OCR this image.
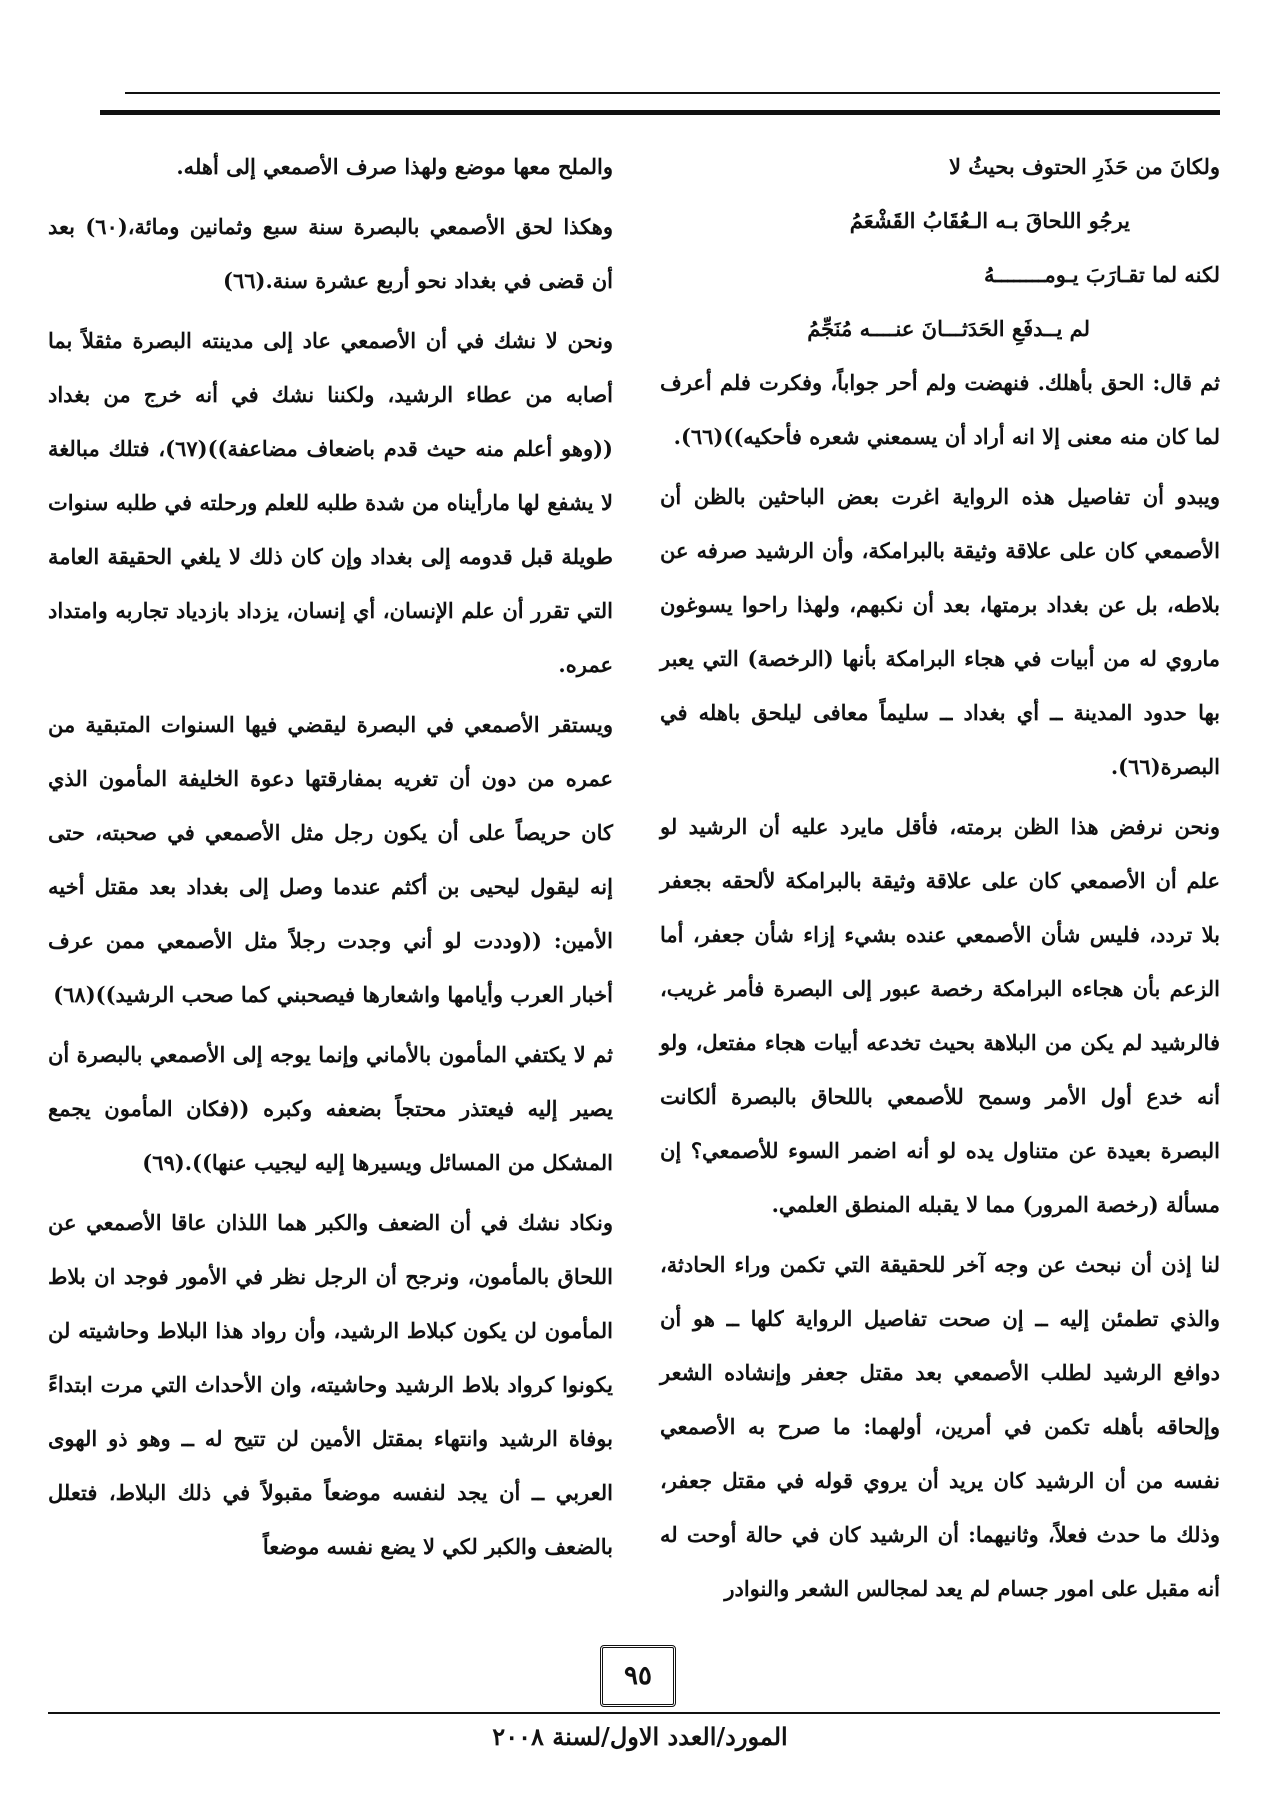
ولكانَ من حَذَرِ الحتوف بحيثُ لا
يرجُو اللحاقَ بـه الـعُقَابُ القَشْعَمُ
لكنه لما تقـارَبَ يـومــــــــهُ
لم يــدفَعِ الحَدَثـــانَ عنــــه مُنَجِّمُ

ثم قال: الحق بأهلك. فنهضت ولم أحر جواباً، وفكرت فلم أعرف لما كان منه معنى إلا انه أراد أن يسمعني شعره فأحكيه))(٦٦).

ويبدو أن تفاصيل هذه الرواية اغرت بعض الباحثين بالظن أن الأصمعي كان على علاقة وثيقة بالبرامكة، وأن الرشيد صرفه عن بلاطه، بل عن بغداد برمتها، بعد أن نكبهم، ولهذا راحوا يسوغون ماروي له من أبيات في هجاء البرامكة بأنها (الرخصة) التي يعبر بها حدود المدينة ــ أي بغداد ــ سليماً معافى ليلحق باهله في البصرة(٦٦).

ونحن نرفض هذا الظن برمته، فأقل مايرد عليه أن الرشيد لو علم أن الأصمعي كان على علاقة وثيقة بالبرامكة لألحقه بجعفر بلا تردد، فليس شأن الأصمعي عنده بشيء إزاء شأن جعفر، أما الزعم بأن هجاءه البرامكة رخصة عبور إلى البصرة فأمر غريب، فالرشيد لم يكن من البلاهة بحيث تخدعه أبيات هجاء مفتعل، ولو أنه خدع أول الأمر وسمح للأصمعي باللحاق بالبصرة ألكانت البصرة بعيدة عن متناول يده لو أنه اضمر السوء للأصمعي؟ إن مسألة (رخصة المرور) مما لا يقبله المنطق العلمي.

لنا إذن أن نبحث عن وجه آخر للحقيقة التي تكمن وراء الحادثة، والذي تطمئن إليه ــ إن صحت تفاصيل الرواية كلها ــ هو أن دوافع الرشيد لطلب الأصمعي بعد مقتل جعفر وإنشاده الشعر وإلحاقه بأهله تكمن في أمرين، أولهما: ما صرح به الأصمعي نفسه من أن الرشيد كان يريد أن يروي قوله في مقتل جعفر، وذلك ما حدث فعلاً، وثانيهما: أن الرشيد كان في حالة أوحت له أنه مقبل على امور جسام لم يعد لمجالس الشعر والنوادر

والملح معها موضع ولهذا صرف الأصمعي إلى أهله.

وهكذا لحق الأصمعي بالبصرة سنة سبع وثمانين ومائة،(٦٠) بعد أن قضى في بغداد نحو أربع عشرة سنة.(٦٦)

ونحن لا نشك في أن الأصمعي عاد إلى مدينته البصرة مثقلاً بما أصابه من عطاء الرشيد، ولكننا نشك في أنه خرج من بغداد ((وهو أعلم منه حيث قدم باضعاف مضاعفة))(٦٧)، فتلك مبالغة لا يشفع لها مارأيناه من شدة طلبه للعلم ورحلته في طلبه سنوات طويلة قبل قدومه إلى بغداد وإن كان ذلك لا يلغي الحقيقة العامة التي تقرر أن علم الإنسان، أي إنسان، يزداد بازدياد تجاربه وامتداد عمره.

ويستقر الأصمعي في البصرة ليقضي فيها السنوات المتبقية من عمره من دون أن تغريه بمفارقتها دعوة الخليفة المأمون الذي كان حريصاً على أن يكون رجل مثل الأصمعي في صحبته، حتى إنه ليقول ليحيى بن أكثم عندما وصل إلى بغداد بعد مقتل أخيه الأمين: ((وددت لو أني وجدت رجلاً مثل الأصمعي ممن عرف أخبار العرب وأيامها واشعارها فيصحبني كما صحب الرشيد))(٦٨)

ثم لا يكتفي المأمون بالأماني وإنما يوجه إلى الأصمعي بالبصرة أن يصير إليه فيعتذر محتجاً بضعفه وكبره ((فكان المأمون يجمع المشكل من المسائل ويسيرها إليه ليجيب عنها)).(٦٩)

ونكاد نشك في أن الضعف والكبر هما اللذان عاقا الأصمعي عن اللحاق بالمأمون، ونرجح أن الرجل نظر في الأمور فوجد ان بلاط المأمون لن يكون كبلاط الرشيد، وأن رواد هذا البلاط وحاشيته لن يكونوا كرواد بلاط الرشيد وحاشيته، وان الأحداث التي مرت ابتداءً بوفاة الرشيد وانتهاء بمقتل الأمين لن تتيح له ــ وهو ذو الهوى العربي ــ أن يجد لنفسه موضعاً مقبولاً في ذلك البلاط، فتعلل بالضعف والكبر لكي لا يضع نفسه موضعاً

٩٥
المورد/العدد الاول/لسنة ٢٠٠٨
